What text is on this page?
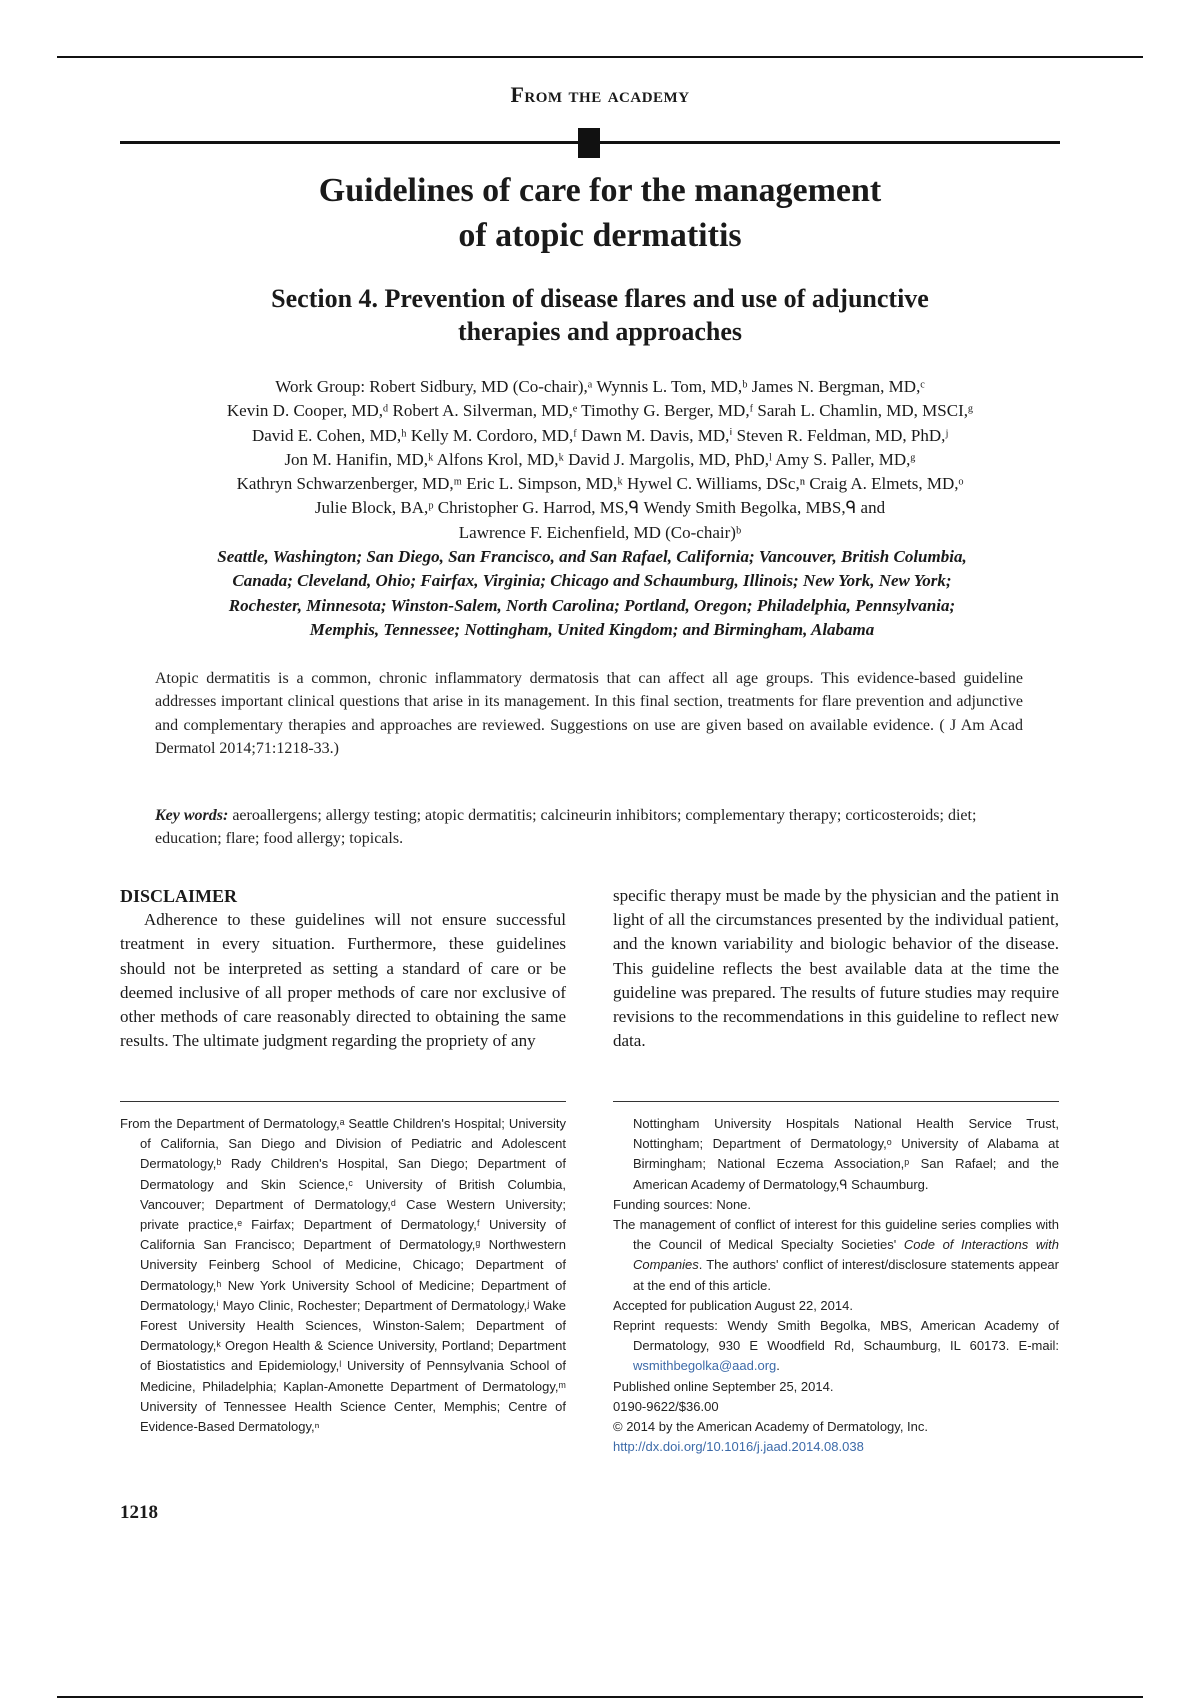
From the academy
Guidelines of care for the management
of atopic dermatitis
Section 4. Prevention of disease flares and use of adjunctive
therapies and approaches
Work Group: Robert Sidbury, MD (Co-chair),ᵃ Wynnis L. Tom, MD,ᵇ James N. Bergman, MD,ᶜ
Kevin D. Cooper, MD,ᵈ Robert A. Silverman, MD,ᵉ Timothy G. Berger, MD,ᶠ Sarah L. Chamlin, MD, MSCI,ᵍ
David E. Cohen, MD,ʰ Kelly M. Cordoro, MD,ᶠ Dawn M. Davis, MD,ⁱ Steven R. Feldman, MD, PhD,ʲ
Jon M. Hanifin, MD,ᵏ Alfons Krol, MD,ᵏ David J. Margolis, MD, PhD,ˡ Amy S. Paller, MD,ᵍ
Kathryn Schwarzenberger, MD,ᵐ Eric L. Simpson, MD,ᵏ Hywel C. Williams, DSc,ⁿ Craig A. Elmets, MD,ᵒ
Julie Block, BA,ᵖ Christopher G. Harrod, MS,ᑫ Wendy Smith Begolka, MBS,ᑫ and
Lawrence F. Eichenfield, MD (Co-chair)ᵇ
Seattle, Washington; San Diego, San Francisco, and San Rafael, California; Vancouver, British Columbia,
Canada; Cleveland, Ohio; Fairfax, Virginia; Chicago and Schaumburg, Illinois; New York, New York;
Rochester, Minnesota; Winston-Salem, North Carolina; Portland, Oregon; Philadelphia, Pennsylvania;
Memphis, Tennessee; Nottingham, United Kingdom; and Birmingham, Alabama
Atopic dermatitis is a common, chronic inflammatory dermatosis that can affect all age groups. This evidence-based guideline addresses important clinical questions that arise in its management. In this final section, treatments for flare prevention and adjunctive and complementary therapies and approaches are reviewed. Suggestions on use are given based on available evidence. ( J Am Acad Dermatol 2014;71:1218-33.)
Key words: aeroallergens; allergy testing; atopic dermatitis; calcineurin inhibitors; complementary therapy; corticosteroids; diet; education; flare; food allergy; topicals.
DISCLAIMER
Adherence to these guidelines will not ensure successful treatment in every situation. Furthermore, these guidelines should not be interpreted as setting a standard of care or be deemed inclusive of all proper methods of care nor exclusive of other methods of care reasonably directed to obtaining the same results. The ultimate judgment regarding the propriety of any
specific therapy must be made by the physician and the patient in light of all the circumstances presented by the individual patient, and the known variability and biologic behavior of the disease. This guideline reflects the best available data at the time the guideline was prepared. The results of future studies may require revisions to the recommendations in this guideline to reflect new data.
From the Department of Dermatology,ᵃ Seattle Children's Hospital; University of California, San Diego and Division of Pediatric and Adolescent Dermatology,ᵇ Rady Children's Hospital, San Diego; Department of Dermatology and Skin Science,ᶜ University of British Columbia, Vancouver; Department of Dermatology,ᵈ Case Western University; private practice,ᵉ Fairfax; Department of Dermatology,ᶠ University of California San Francisco; Department of Dermatology,ᵍ Northwestern University Feinberg School of Medicine, Chicago; Department of Dermatology,ʰ New York University School of Medicine; Department of Dermatology,ⁱ Mayo Clinic, Rochester; Department of Dermatology,ʲ Wake Forest University Health Sciences, Winston-Salem; Department of Dermatology,ᵏ Oregon Health & Science University, Portland; Department of Biostatistics and Epidemiology,ˡ University of Pennsylvania School of Medicine, Philadelphia; Kaplan-Amonette Department of Dermatology,ᵐ University of Tennessee Health Science Center, Memphis; Centre of Evidence-Based Dermatology,ⁿ

Nottingham University Hospitals National Health Service Trust, Nottingham; Department of Dermatology,ᵒ University of Alabama at Birmingham; National Eczema Association,ᵖ San Rafael; and the American Academy of Dermatology,ᑫ Schaumburg.

Funding sources: None.

The management of conflict of interest for this guideline series complies with the Council of Medical Specialty Societies' Code of Interactions with Companies. The authors' conflict of interest/disclosure statements appear at the end of this article.

Accepted for publication August 22, 2014.

Reprint requests: Wendy Smith Begolka, MBS, American Academy of Dermatology, 930 E Woodfield Rd, Schaumburg, IL 60173. E-mail: wsmithbegolka@aad.org.

Published online September 25, 2014.

0190-9622/$36.00

© 2014 by the American Academy of Dermatology, Inc.

http://dx.doi.org/10.1016/j.jaad.2014.08.038

1218
